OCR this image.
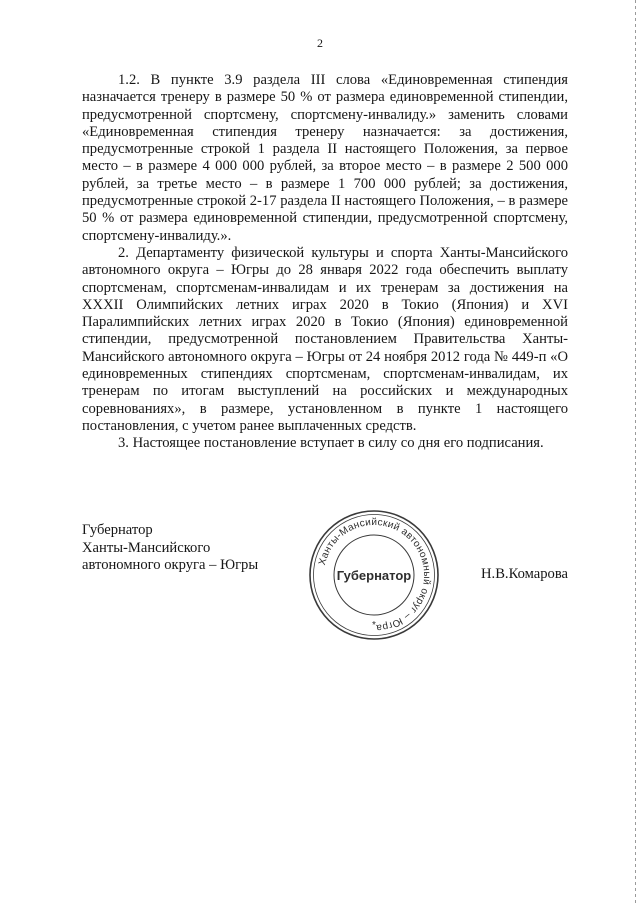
2

1.2. В пункте 3.9 раздела III слова «Единовременная стипендия назначается тренеру в размере 50 % от размера единовременной стипендии, предусмотренной спортсмену, спортсмену-инвалиду.» заменить словами «Единовременная стипендия тренеру назначается: за достижения, предусмотренные строкой 1 раздела II настоящего Положения, за первое место – в размере 4 000 000 рублей, за второе место – в размере 2 500 000 рублей, за третье место – в размере 1 700 000 рублей; за достижения, предусмотренные строкой 2-17 раздела II настоящего Положения, – в размере 50 % от размера единовременной стипендии, предусмотренной спортсмену, спортсмену-инвалиду.».

2. Департаменту физической культуры и спорта Ханты-Мансийского автономного округа – Югры до 28 января 2022 года обеспечить выплату спортсменам, спортсменам-инвалидам и их тренерам за достижения на XXXII Олимпийских летних играх 2020 в Токио (Япония) и XVI Паралимпийских летних играх 2020 в Токио (Япония) единовременной стипендии, предусмотренной постановлением Правительства Ханты-Мансийского автономного округа – Югры от 24 ноября 2012 года № 449-п «О единовременных стипендиях спортсменам, спортсменам-инвалидам, их тренерам по итогам выступлений на российских и международных соревнованиях», в размере, установленном в пункте 1 настоящего постановления, с учетом ранее выплаченных средств.

3. Настоящее постановление вступает в силу со дня его подписания.

Губернатор
Ханты-Мансийского
автономного округа – Югры	Ханты-Мансийский автономный округ – Югра
Губернатор
*
Н.В.Комарова
